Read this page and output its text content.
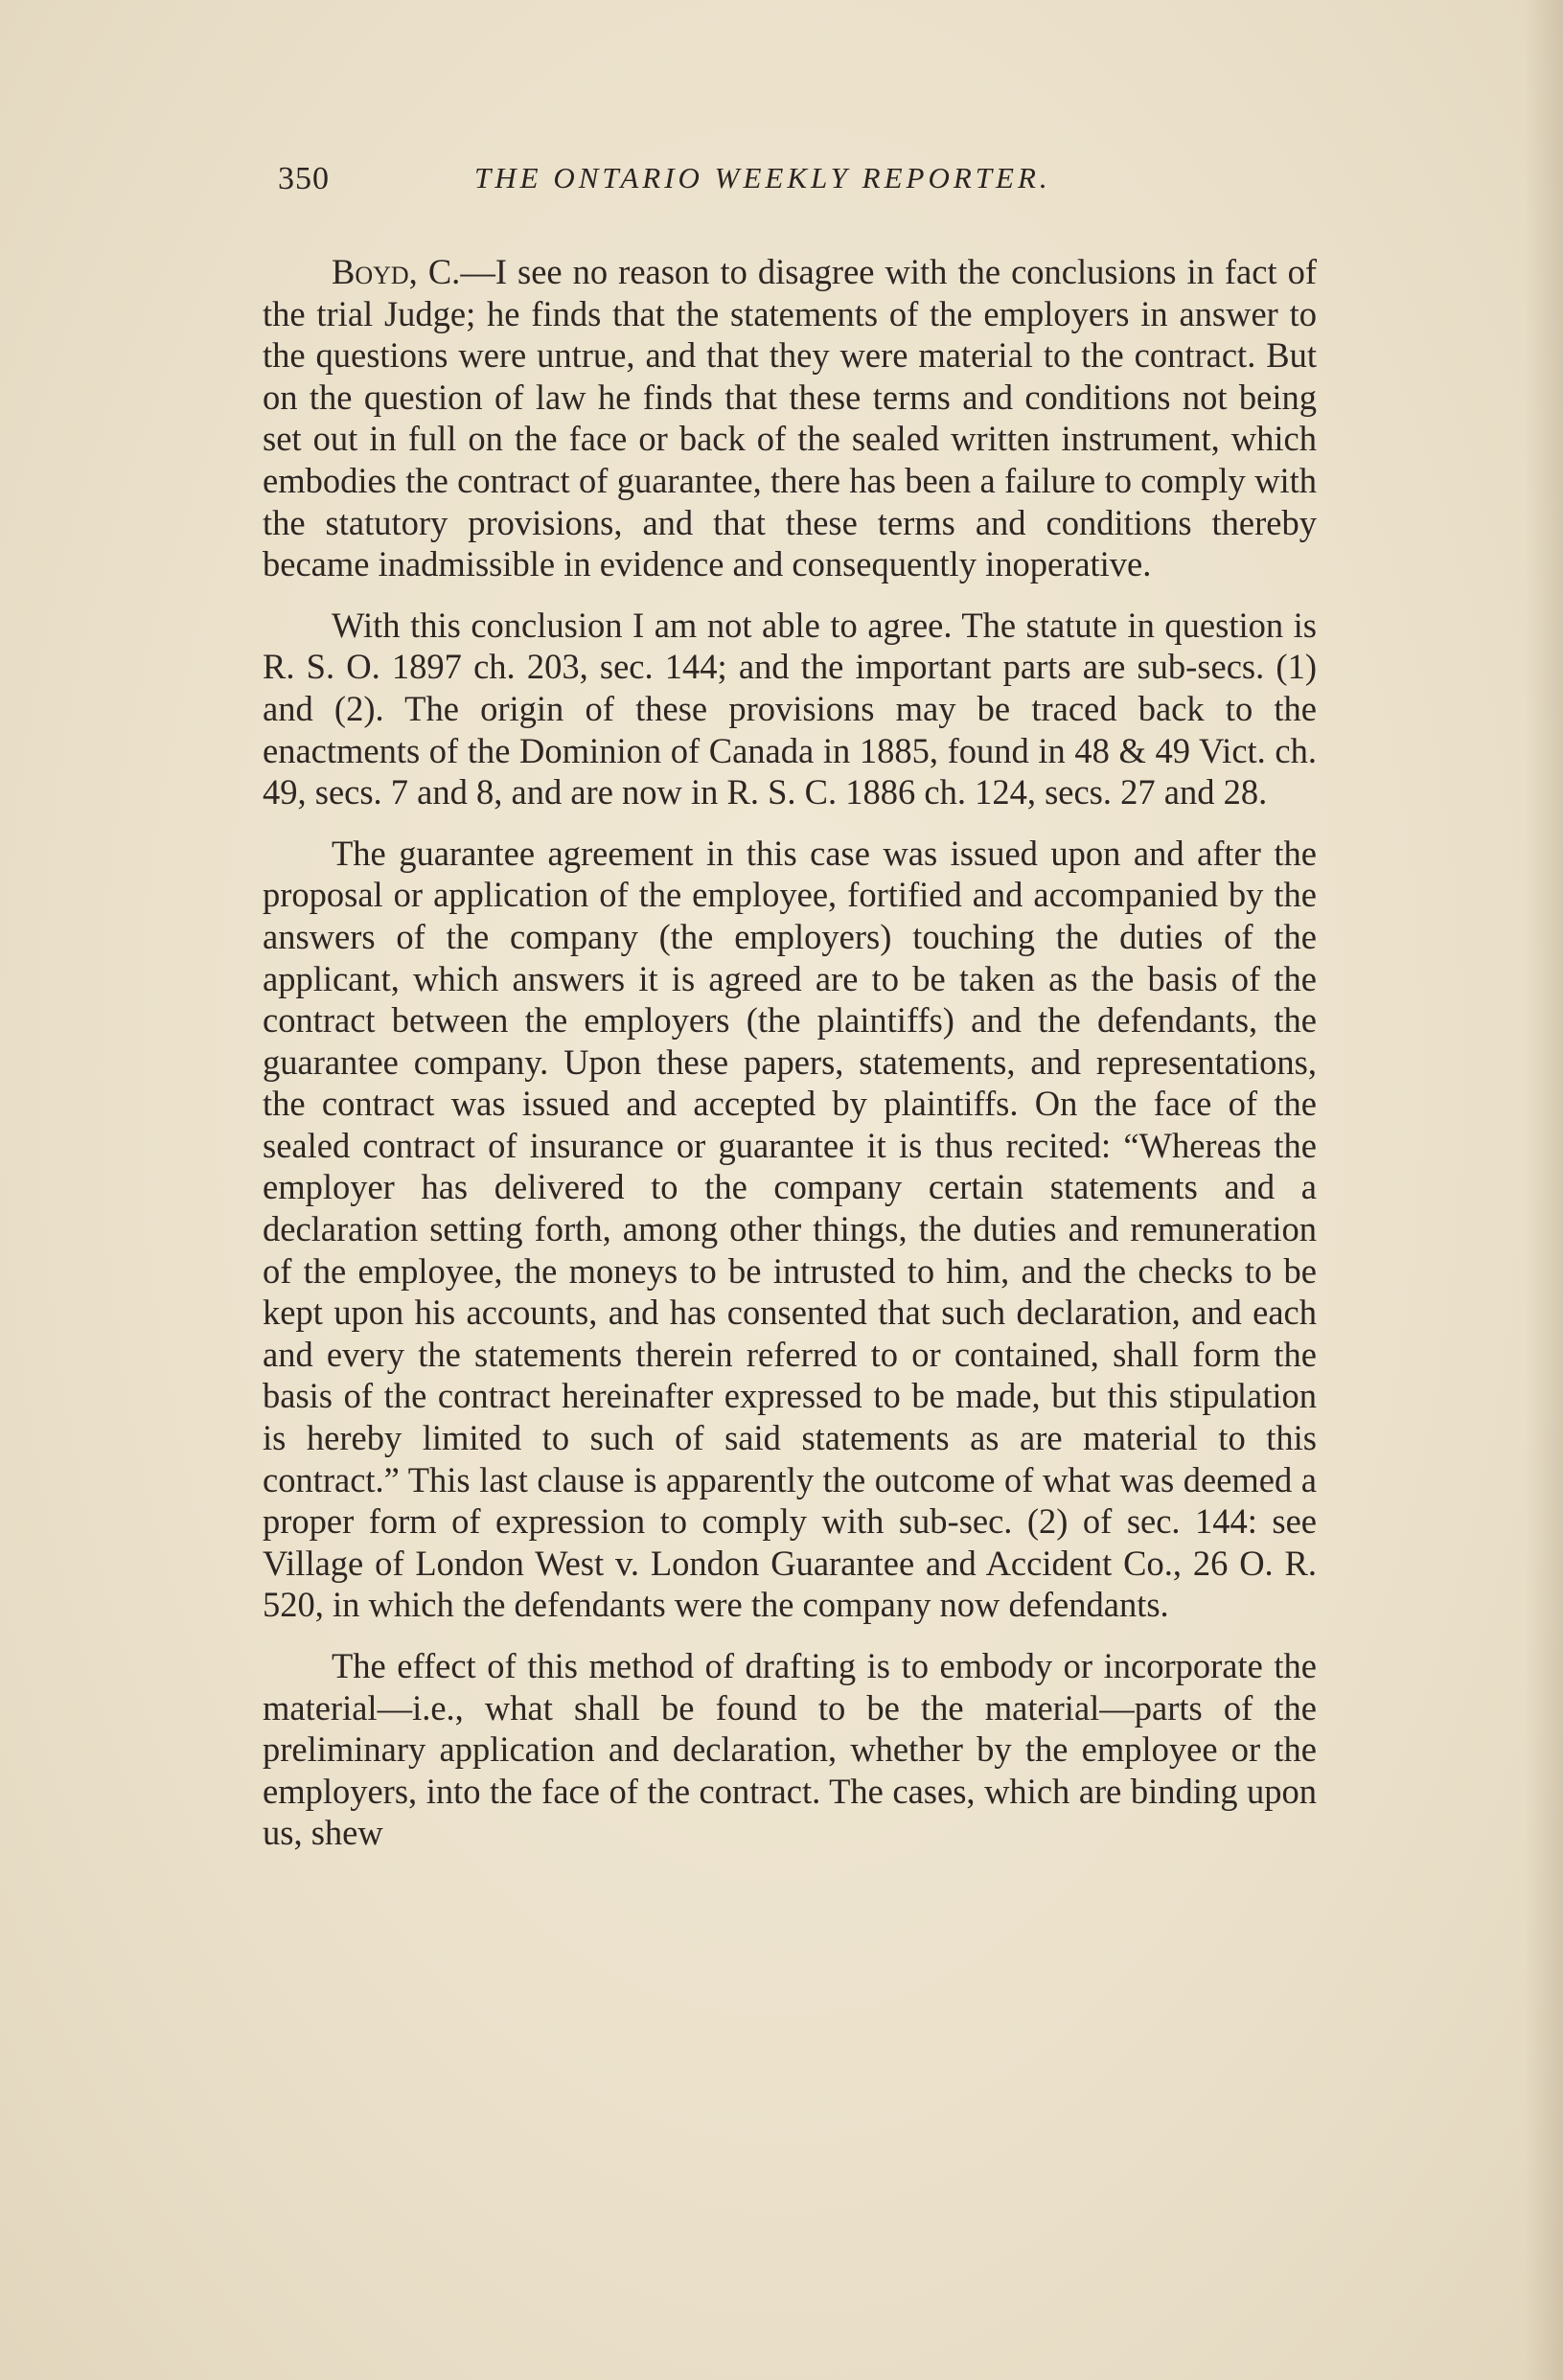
350	THE ONTARIO WEEKLY REPORTER.

Boyd, C.—I see no reason to disagree with the conclusions in fact of the trial Judge; he finds that the statements of the employers in answer to the questions were untrue, and that they were material to the contract. But on the question of law he finds that these terms and conditions not being set out in full on the face or back of the sealed written instrument, which embodies the contract of guarantee, there has been a failure to comply with the statutory provisions, and that these terms and conditions thereby became inadmissible in evidence and consequently inoperative.

With this conclusion I am not able to agree. The statute in question is R. S. O. 1897 ch. 203, sec. 144; and the important parts are sub-secs. (1) and (2). The origin of these provisions may be traced back to the enactments of the Dominion of Canada in 1885, found in 48 & 49 Vict. ch. 49, secs. 7 and 8, and are now in R. S. C. 1886 ch. 124, secs. 27 and 28.

The guarantee agreement in this case was issued upon and after the proposal or application of the employee, fortified and accompanied by the answers of the company (the employers) touching the duties of the applicant, which answers it is agreed are to be taken as the basis of the contract between the employers (the plaintiffs) and the defendants, the guarantee company. Upon these papers, statements, and representations, the contract was issued and accepted by plaintiffs. On the face of the sealed contract of insurance or guarantee it is thus recited: “Whereas the employer has delivered to the company certain statements and a declaration setting forth, among other things, the duties and remuneration of the employee, the moneys to be intrusted to him, and the checks to be kept upon his accounts, and has consented that such declaration, and each and every the statements therein referred to or contained, shall form the basis of the contract hereinafter expressed to be made, but this stipulation is hereby limited to such of said statements as are material to this contract.” This last clause is apparently the outcome of what was deemed a proper form of expression to comply with sub-sec. (2) of sec. 144: see Village of London West v. London Guarantee and Accident Co., 26 O. R. 520, in which the defendants were the company now defendants.

The effect of this method of drafting is to embody or incorporate the material—i.e., what shall be found to be the material—parts of the preliminary application and declaration, whether by the employee or the employers, into the face of the contract. The cases, which are binding upon us, shew
